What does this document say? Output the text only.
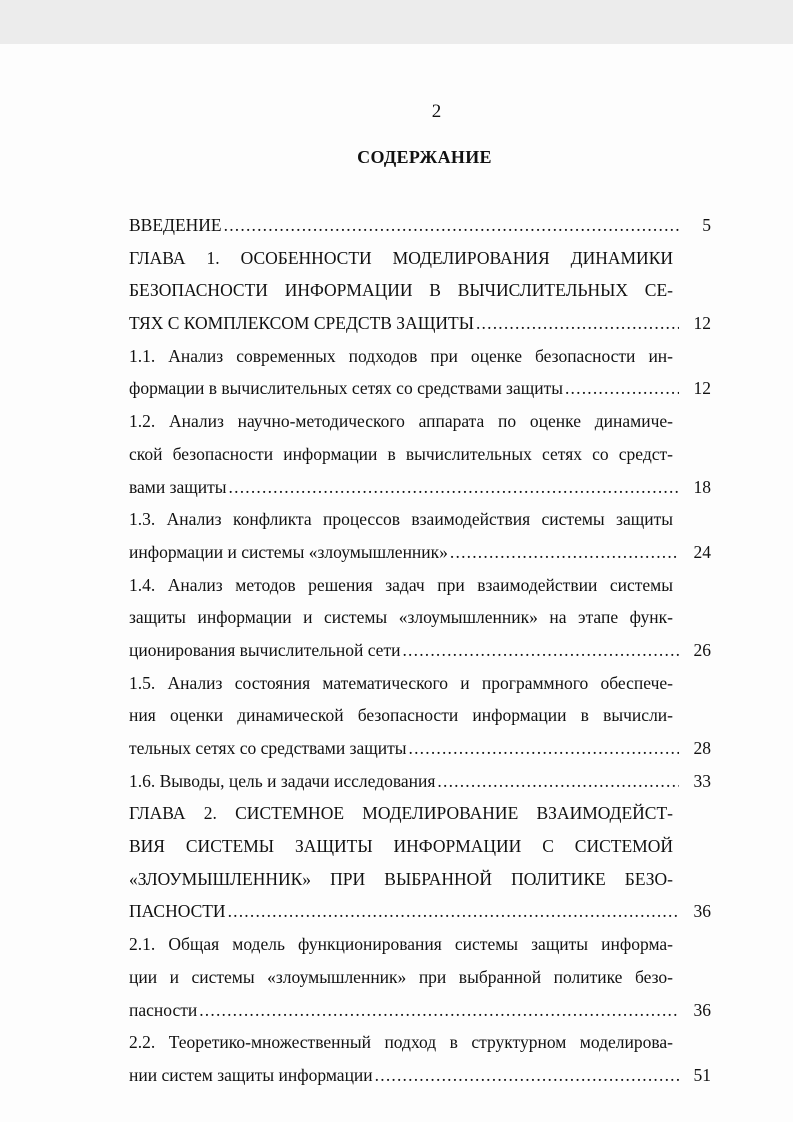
2
СОДЕРЖАНИЕ
ВВЕДЕНИЕ .....	5
ГЛАВА 1. ОСОБЕННОСТИ МОДЕЛИРОВАНИЯ ДИНАМИКИ
БЕЗОПАСНОСТИ ИНФОРМАЦИИ В ВЫЧИСЛИТЕЛЬНЫХ СЕ-
ТЯХ С КОМПЛЕКСОМ СРЕДСТВ ЗАЩИТЫ .....	12
1.1. Анализ современных подходов при оценке безопасности ин-
формации в вычислительных сетях со средствами защиты .....	12
1.2. Анализ научно-методического аппарата по оценке динамиче-
ской безопасности информации в вычислительных сетях со средст-
вами защиты .....	18
1.3. Анализ конфликта процессов взаимодействия системы защиты
информации и системы «злоумышленник» .....	24
1.4. Анализ методов решения задач при взаимодействии системы
защиты информации и системы «злоумышленник» на этапе функ-
ционирования вычислительной сети .....	26
1.5. Анализ состояния математического и программного обеспече-
ния оценки динамической безопасности информации в вычисли-
тельных сетях со средствами защиты .....	28
1.6. Выводы, цель и задачи исследования .....	33
ГЛАВА 2. СИСТЕМНОЕ МОДЕЛИРОВАНИЕ ВЗАИМОДЕЙСТ-
ВИЯ СИСТЕМЫ ЗАЩИТЫ ИНФОРМАЦИИ С СИСТЕМОЙ
«ЗЛОУМЫШЛЕННИК» ПРИ ВЫБРАННОЙ ПОЛИТИКЕ БЕЗО-
ПАСНОСТИ .....	36
2.1. Общая модель функционирования системы защиты информа-
ции и системы «злоумышленник» при выбранной политике безо-
пасности .....	36
2.2. Теоретико-множественный подход в структурном моделирова-
нии систем защиты информации .....	51
